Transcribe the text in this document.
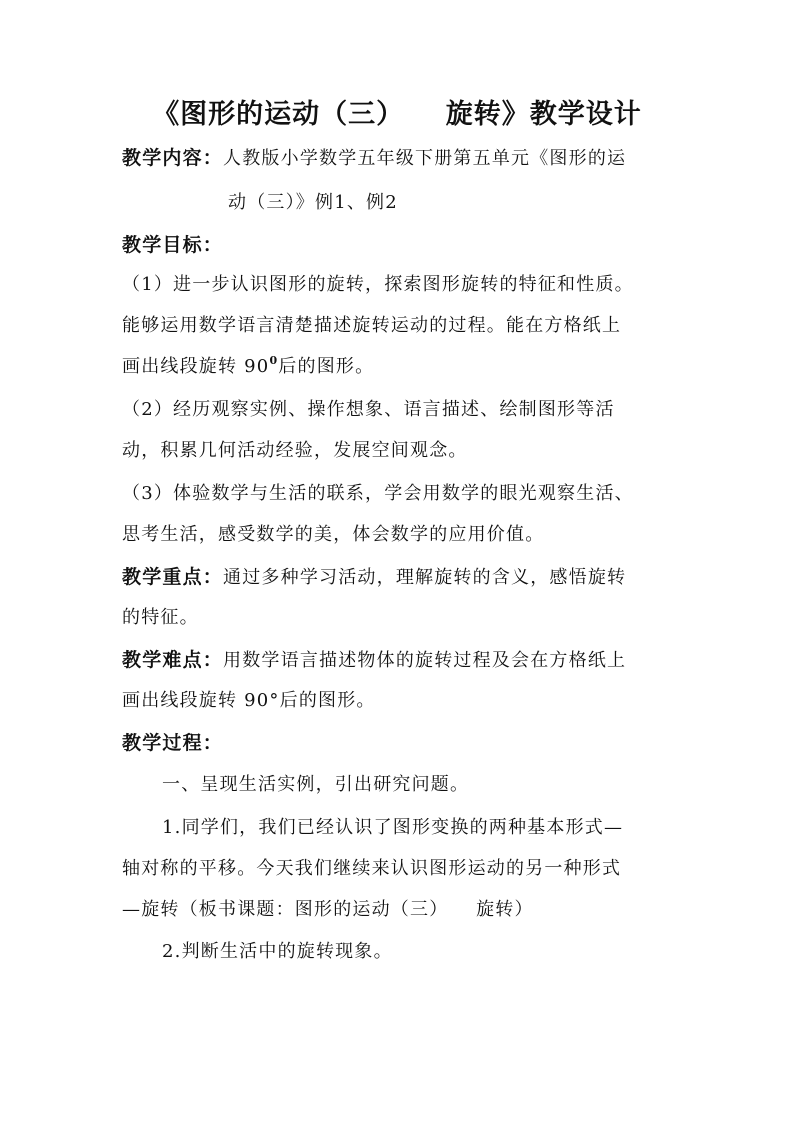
《图形的运动（三）    旋转》教学设计
教学内容：人教版小学数学五年级下册第五单元《图形的运
动（三）》例1、例2
教学目标：
（1）进一步认识图形的旋转，探索图形旋转的特征和性质。
能够运用数学语言清楚描述旋转运动的过程。能在方格纸上
画出线段旋转 $90^0$后的图形。
（2）经历观察实例、操作想象、语言描述、绘制图形等活
动，积累几何活动经验，发展空间观念。
（3）体验数学与生活的联系，学会用数学的眼光观察生活、
思考生活，感受数学的美，体会数学的应用价值。
教学重点：通过多种学习活动，理解旋转的含义，感悟旋转
的特征。
教学难点：用数学语言描述物体的旋转过程及会在方格纸上
画出线段旋转 90°后的图形。
教学过程：
一、呈现生活实例，引出研究问题。
1.同学们，我们已经认识了图形变换的两种基本形式—
轴对称的平移。今天我们继续来认识图形运动的另一种形式
—旋转（板书课题：图形的运动（三）    旋转）
2.判断生活中的旋转现象。
